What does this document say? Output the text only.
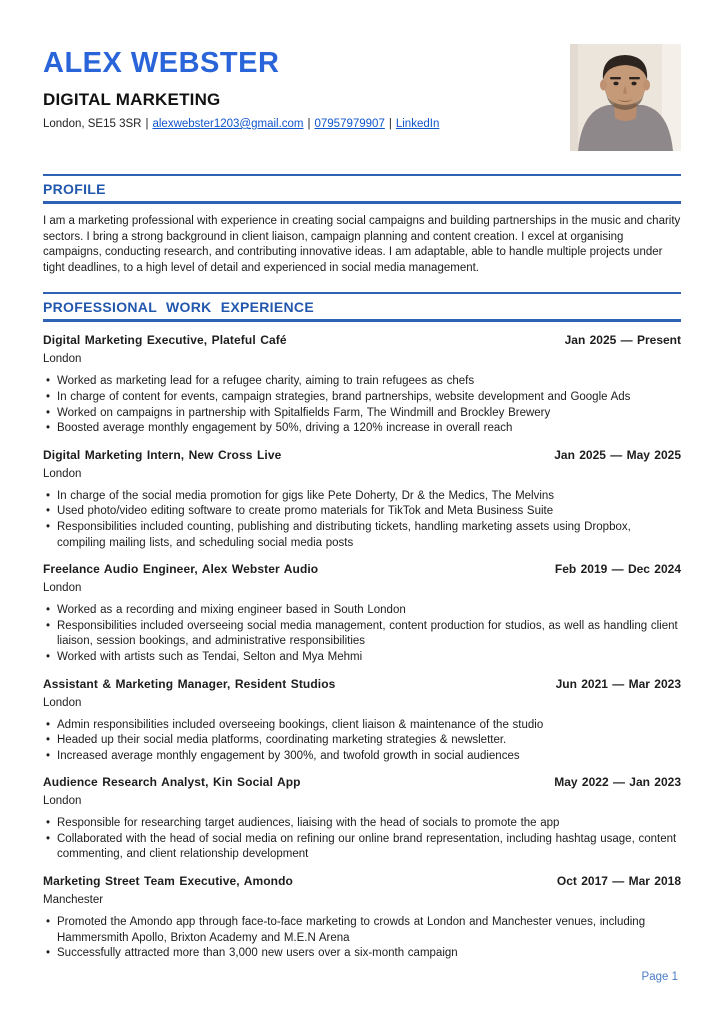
ALEX WEBSTER
DIGITAL MARKETING
London, SE15 3SR | alexwebster1203@gmail.com | 07957979907 | LinkedIn
PROFILE

I am a marketing professional with experience in creating social campaigns and building partnerships in the music and charity sectors. I bring a strong background in client liaison, campaign planning and content creation. I excel at organising campaigns, conducting research, and contributing innovative ideas. I am adaptable, able to handle multiple projects under tight deadlines, to a high level of detail and experienced in social media management.

PROFESSIONAL WORK EXPERIENCE
Digital Marketing Executive, Plateful Café	Jan 2025 — Present
London
• Worked as marketing lead for a refugee charity, aiming to train refugees as chefs
• In charge of content for events, campaign strategies, brand partnerships, website development and Google Ads
• Worked on campaigns in partnership with Spitalfields Farm, The Windmill and Brockley Brewery
• Boosted average monthly engagement by 50%, driving a 120% increase in overall reach
Digital Marketing Intern, New Cross Live	Jan 2025 — May 2025
London
• In charge of the social media promotion for gigs like Pete Doherty, Dr & the Medics, The Melvins
• Used photo/video editing software to create promo materials for TikTok and Meta Business Suite
• Responsibilities included counting, publishing and distributing tickets, handling marketing assets using Dropbox, compiling mailing lists, and scheduling social media posts
Freelance Audio Engineer, Alex Webster Audio	Feb 2019 — Dec 2024
London
• Worked as a recording and mixing engineer based in South London
• Responsibilities included overseeing social media management, content production for studios, as well as handling client liaison, session bookings, and administrative responsibilities
• Worked with artists such as Tendai, Selton and Mya Mehmi
Assistant & Marketing Manager, Resident Studios	Jun 2021 — Mar 2023
London
• Admin responsibilities included overseeing bookings, client liaison & maintenance of the studio
• Headed up their social media platforms, coordinating marketing strategies & newsletter.
• Increased average monthly engagement by 300%, and twofold growth in social audiences
Audience Research Analyst, Kin Social App	May 2022 — Jan 2023
London
• Responsible for researching target audiences, liaising with the head of socials to promote the app
• Collaborated with the head of social media on refining our online brand representation, including hashtag usage, content commenting, and client relationship development
Marketing Street Team Executive, Amondo	Oct 2017 — Mar 2018
Manchester
• Promoted the Amondo app through face-to-face marketing to crowds at London and Manchester venues, including Hammersmith Apollo, Brixton Academy and M.E.N Arena
• Successfully attracted more than 3,000 new users over a six-month campaign
Page 1
